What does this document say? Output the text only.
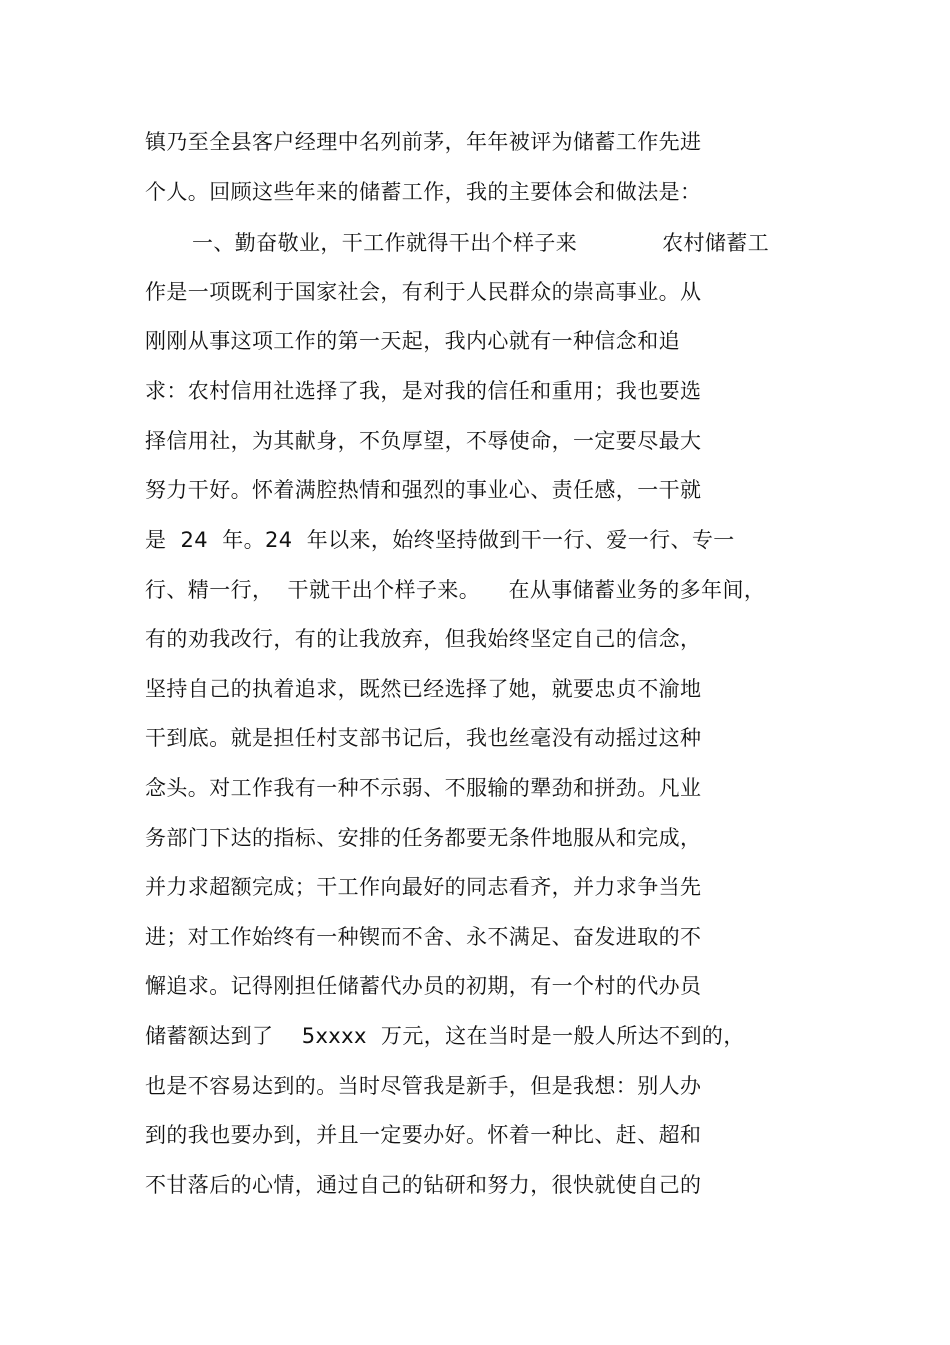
镇乃至全县客户经理中名列前茅，年年被评为储蓄工作先进
个人。回顾这些年来的储蓄工作，我的主要体会和做法是：
一、勤奋敬业，干工作就得干出个样子来            农村储蓄工
作是一项既利于国家社会，有利于人民群众的崇高事业。从
刚刚从事这项工作的第一天起，我内心就有一种信念和追
求：农村信用社选择了我，是对我的信任和重用；我也要选
择信用社，为其献身，不负厚望，不辱使命，一定要尽最大
努力干好。怀着满腔热情和强烈的事业心、责任感，一干就
是  24  年。24  年以来，始终坚持做到干一行、爱一行、专一
行、精一行，  干就干出个样子来。    在从事储蓄业务的多年间，
有的劝我改行，有的让我放弃，但我始终坚定自己的信念，
坚持自己的执着追求，既然已经选择了她，就要忠贞不渝地
干到底。就是担任村支部书记后，我也丝毫没有动摇过这种
念头。对工作我有一种不示弱、不服输的犟劲和拼劲。凡业
务部门下达的指标、安排的任务都要无条件地服从和完成，
并力求超额完成；干工作向最好的同志看齐，并力求争当先
进；对工作始终有一种锲而不舍、永不满足、奋发进取的不
懈追求。记得刚担任储蓄代办员的初期，有一个村的代办员
储蓄额达到了    5xxxx  万元，这在当时是一般人所达不到的，
也是不容易达到的。当时尽管我是新手，但是我想：别人办
到的我也要办到，并且一定要办好。怀着一种比、赶、超和
不甘落后的心情，通过自己的钻研和努力，很快就使自己的
